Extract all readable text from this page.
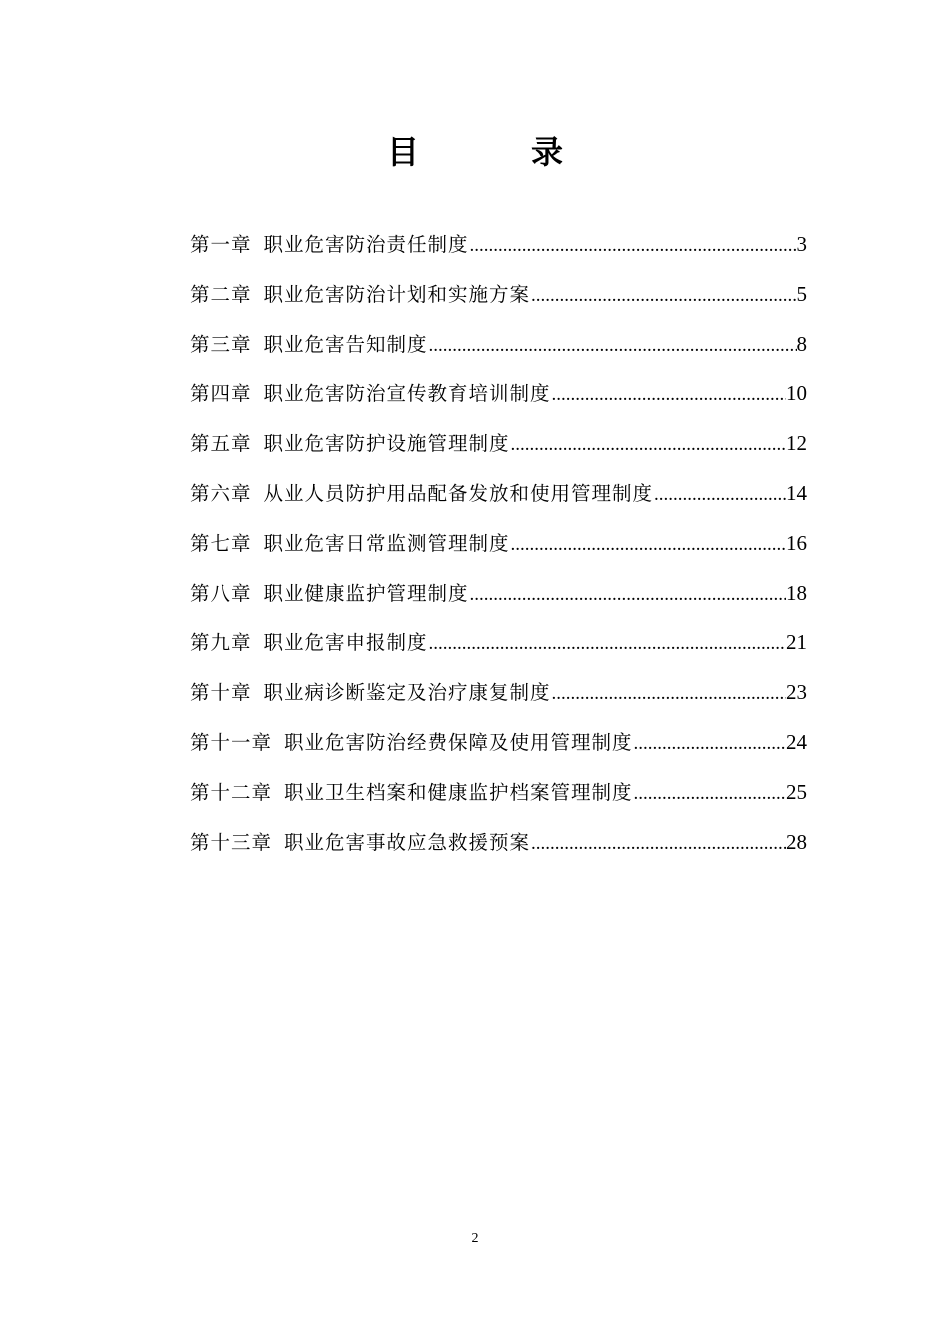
目　录
第一章 职业危害防治责任制度 .....	3
第二章 职业危害防治计划和实施方案 .....	5
第三章 职业危害告知制度 .....	8
第四章 职业危害防治宣传教育培训制度 .....	10
第五章 职业危害防护设施管理制度 .....	12
第六章 从业人员防护用品配备发放和使用管理制度 .....	14
第七章 职业危害日常监测管理制度 .....	16
第八章 职业健康监护管理制度 .....	18
第九章 职业危害申报制度 .....	21
第十章 职业病诊断鉴定及治疗康复制度 .....	23
第十一章 职业危害防治经费保障及使用管理制度 .....	24
第十二章 职业卫生档案和健康监护档案管理制度 .....	25
第十三章 职业危害事故应急救援预案 .....	28
2
